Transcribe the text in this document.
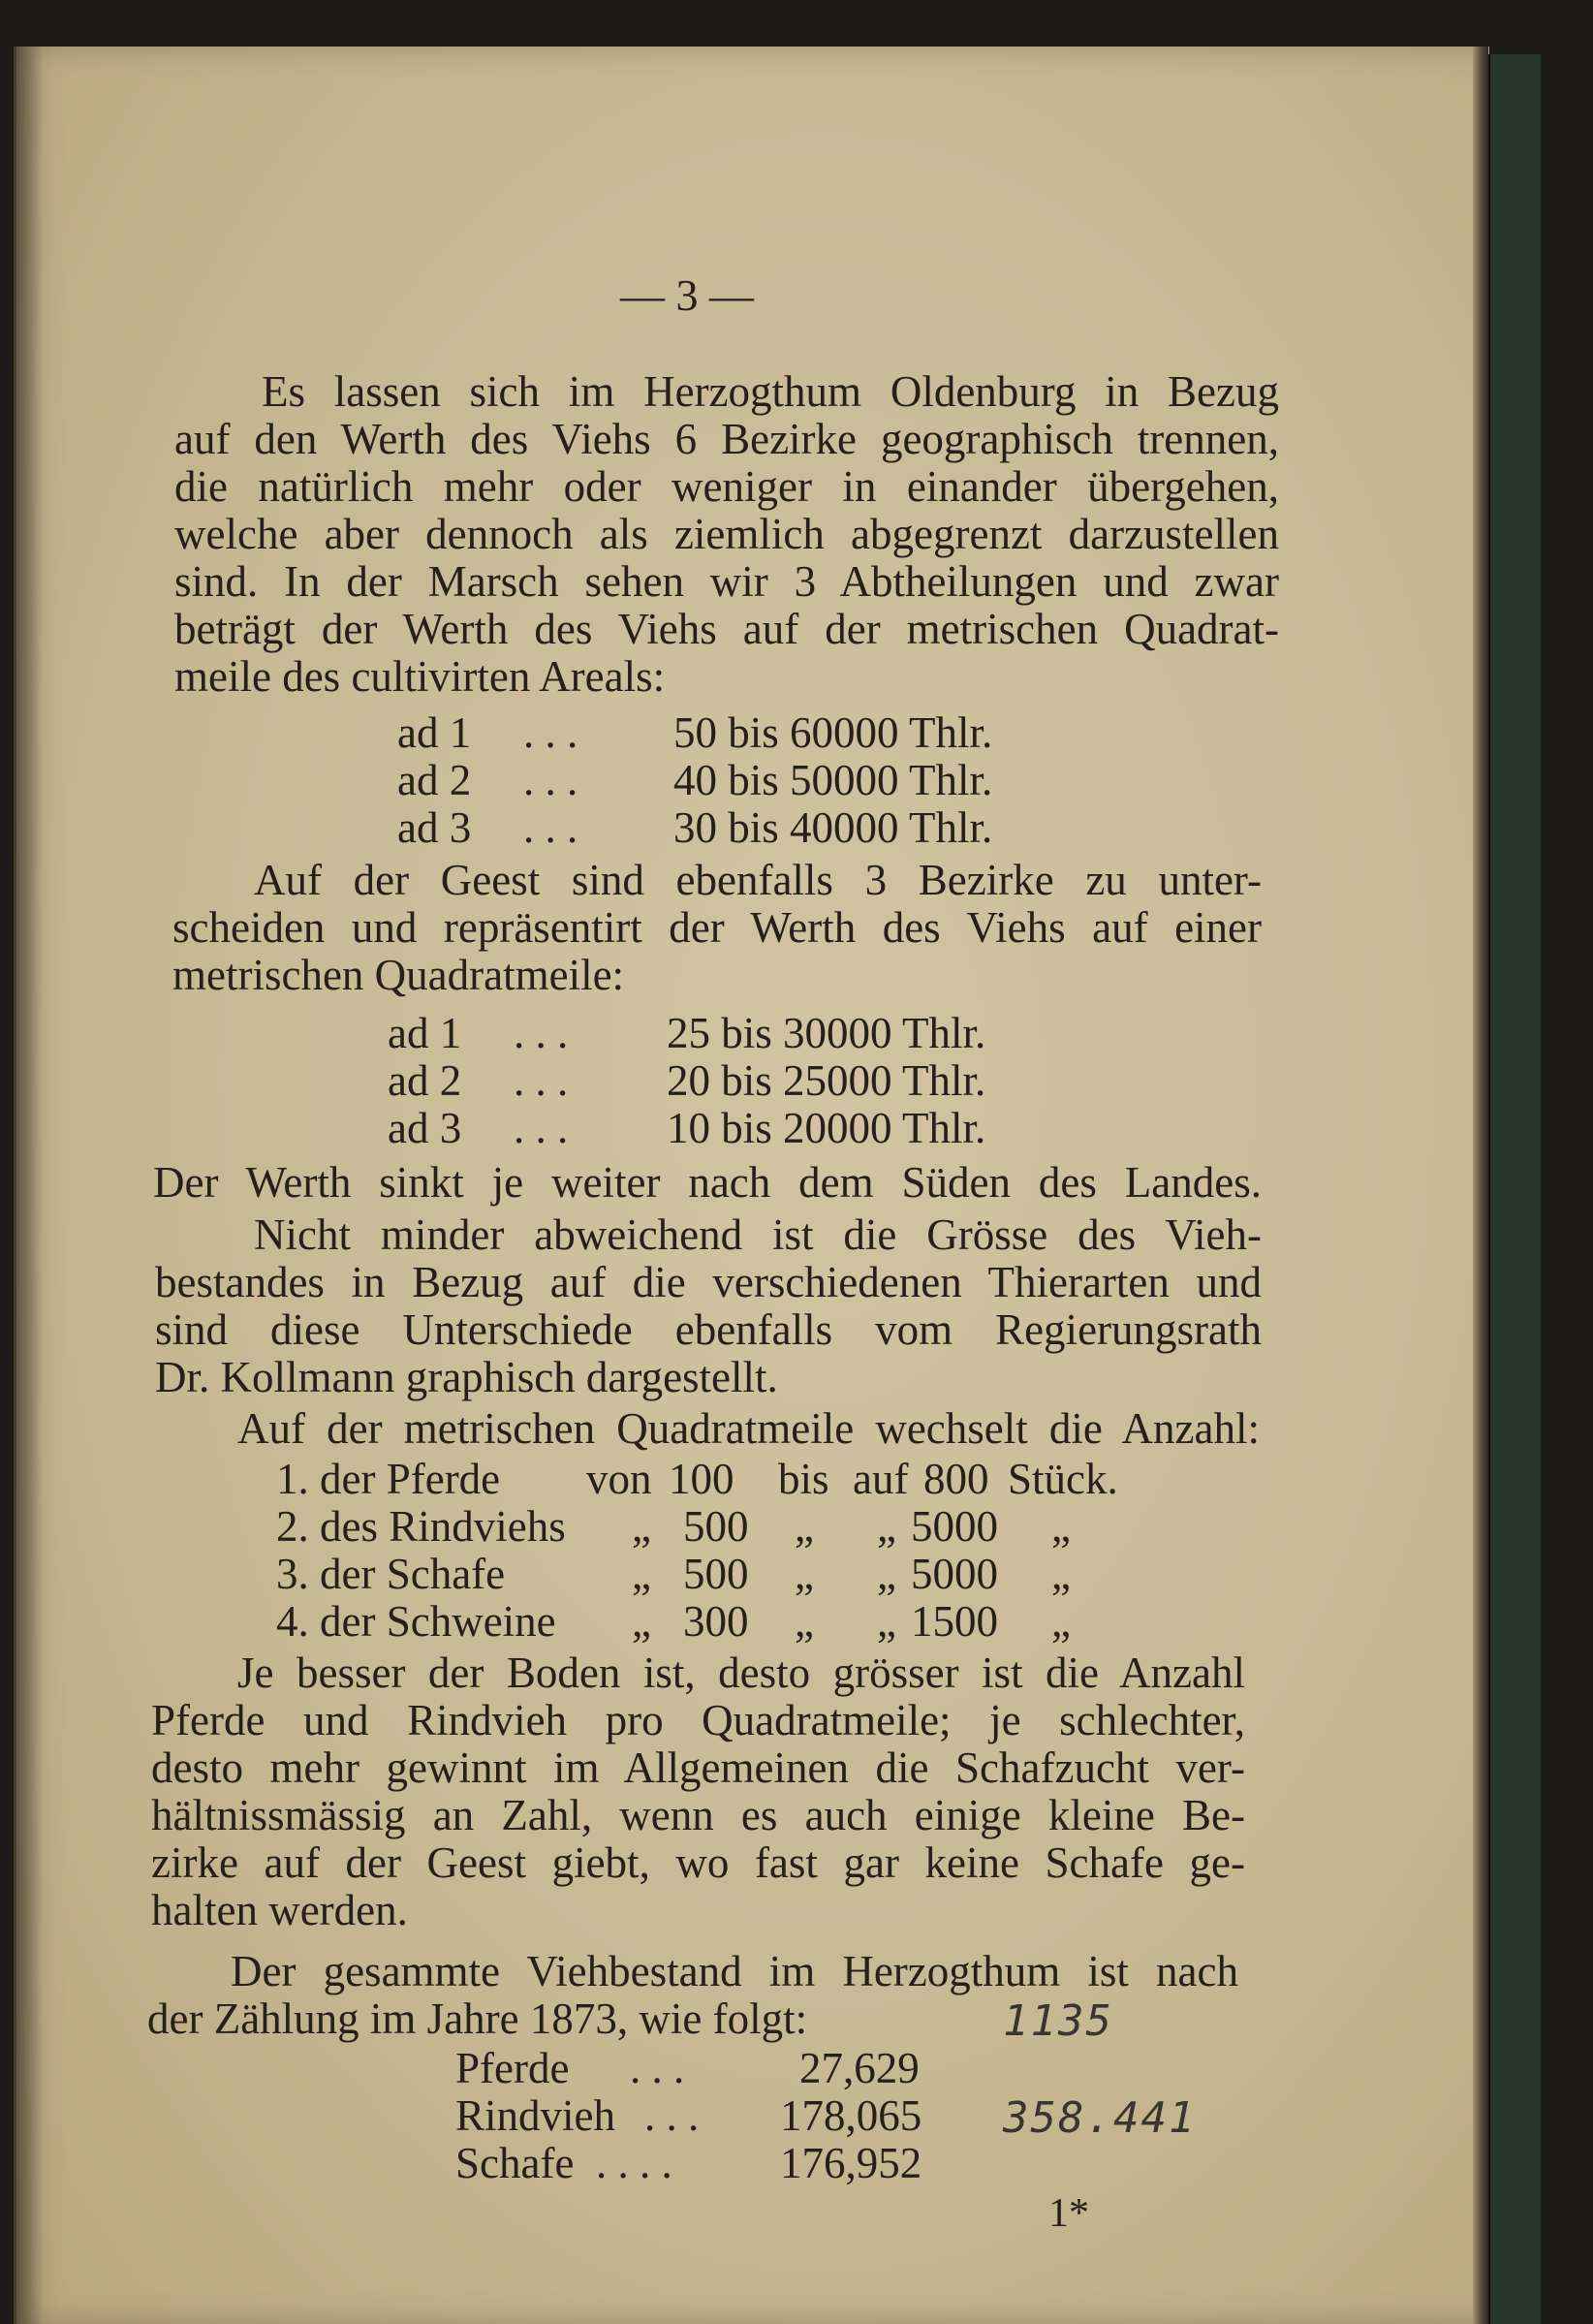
— 3 —
Es lassen sich im Herzogthum Oldenburg in Bezug
auf den Werth des Viehs 6 Bezirke geographisch trennen,
die natürlich mehr oder weniger in einander übergehen,
welche aber dennoch als ziemlich abgegrenzt darzustellen
sind. In der Marsch sehen wir 3 Abtheilungen und zwar
beträgt der Werth des Viehs auf der metrischen Quadrat-
meile des cultivirten Areals:
ad 1 . . . 50 bis 60000 Thlr.
ad 2 . . . 40 bis 50000 Thlr.
ad 3 . . . 30 bis 40000 Thlr.
Auf der Geest sind ebenfalls 3 Bezirke zu unter-
scheiden und repräsentirt der Werth des Viehs auf einer
metrischen Quadratmeile:
ad 1 . . . 25 bis 30000 Thlr.
ad 2 . . . 20 bis 25000 Thlr.
ad 3 . . . 10 bis 20000 Thlr.
Der Werth sinkt je weiter nach dem Süden des Landes.
Nicht minder abweichend ist die Grösse des Vieh-
bestandes in Bezug auf die verschiedenen Thierarten und
sind diese Unterschiede ebenfalls vom Regierungsrath
Dr. Kollmann graphisch dargestellt.
Auf der metrischen Quadratmeile wechselt die Anzahl:
1. der Pferde von 100 bis auf 800 Stück.
2. des Rindviehs „ 500 „ „ 5000 „
3. der Schafe	„ 500 „ „ 5000 „
4. der Schweine „ 300 „ „ 1500 „
Je besser der Boden ist, desto grösser ist die Anzahl
Pferde und Rindvieh pro Quadratmeile; je schlechter,
desto mehr gewinnt im Allgemeinen die Schafzucht ver-
hältnissmässig an Zahl, wenn es auch einige kleine Be-
zirke auf der Geest giebt, wo fast gar keine Schafe ge-
halten werden.
Der gesammte Viehbestand im Herzogthum ist nach
der Zählung im Jahre 1873, wie folgt:
Pferde . . .	27,629
Rindvieh . . . 178,065
Schafe . . . . 176,952
1135
358.441
1*
